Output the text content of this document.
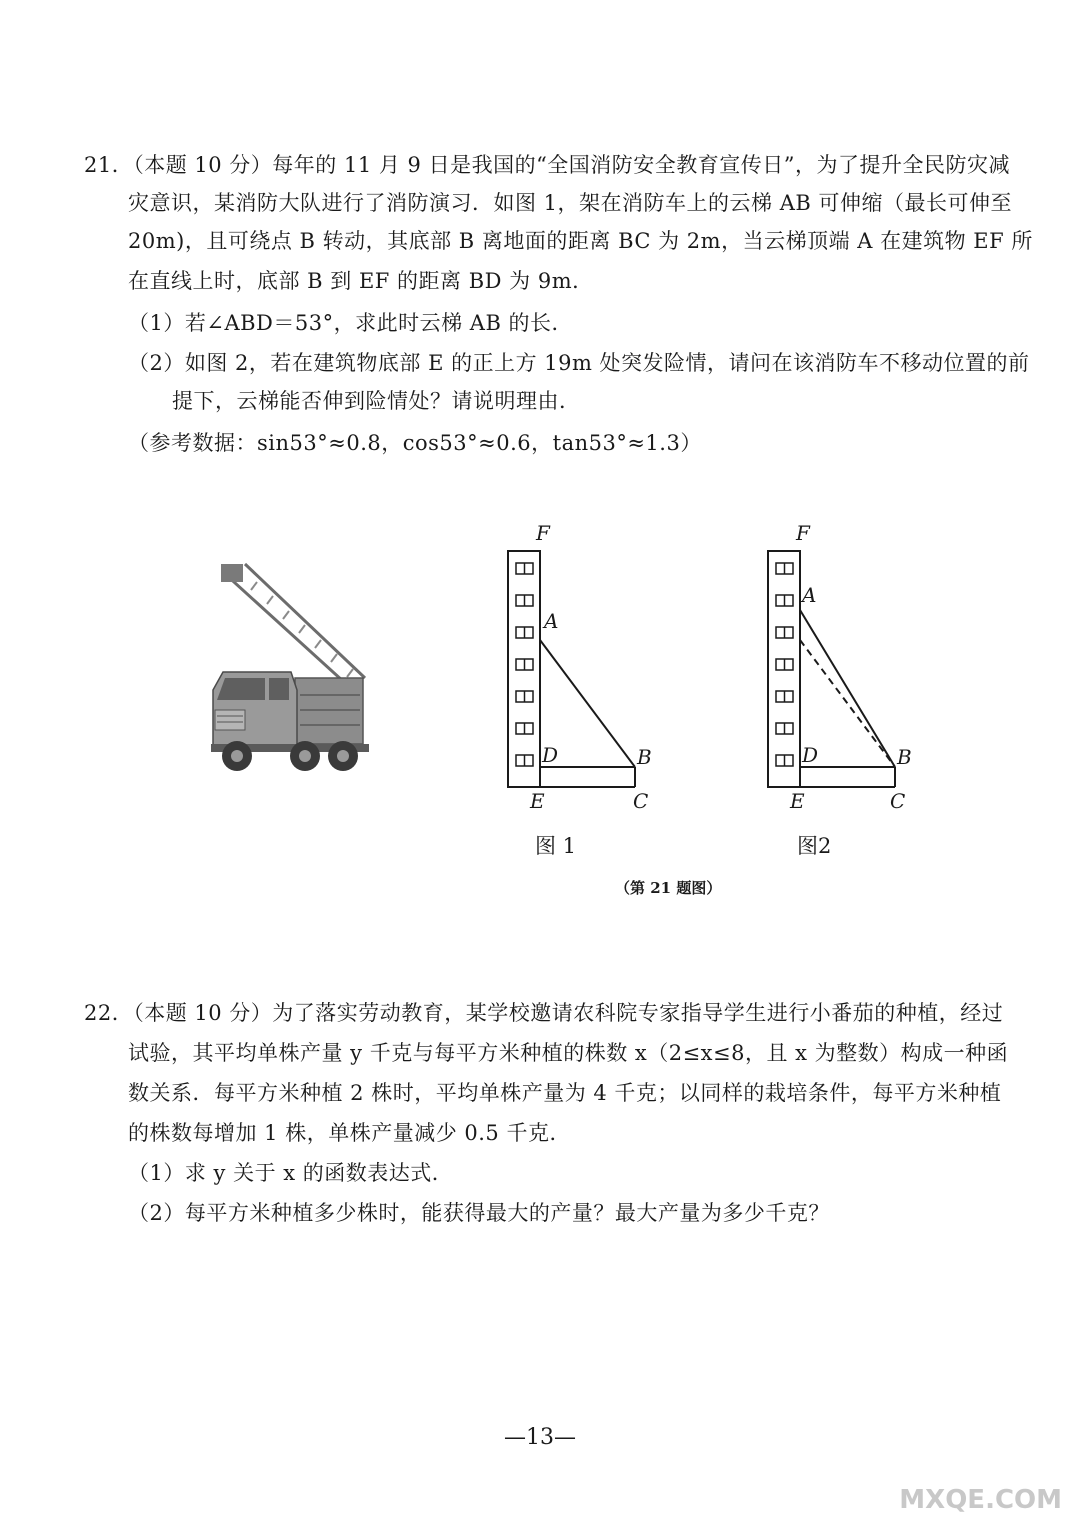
21．（本题 10 分）每年的 11 月 9 日是我国的“全国消防安全教育宣传日”，为了提升全民防灾减
灾意识，某消防大队进行了消防演习．如图 1，架在消防车上的云梯 AB 可伸缩（最长可伸至
20m)，且可绕点 B 转动，其底部 B 离地面的距离 BC 为 2m，当云梯顶端 A 在建筑物 EF 所
在直线上时，底部 B 到 EF 的距离 BD 为 9m．
（1）若∠ABD＝53°，求此时云梯 AB 的长．
（2）如图 2，若在建筑物底部 E 的正上方 19m 处突发险情，请问在该消防车不移动位置的前
提下，云梯能否伸到险情处？请说明理由．
（参考数据：sin53°≈0.8，cos53°≈0.6，tan53°≈1.3）
F
A
D	B
E	C
F
A
D	B
E	C
图 1	图2
（第 21 题图）
22．（本题 10 分）为了落实劳动教育，某学校邀请农科院专家指导学生进行小番茄的种植，经过
试验，其平均单株产量 y 千克与每平方米种植的株数 x（2≤x≤8，且 x 为整数）构成一种函
数关系．每平方米种植 2 株时，平均单株产量为 4 千克；以同样的栽培条件，每平方米种植
的株数每增加 1 株，单株产量减少 0.5 千克．
（1）求 y 关于 x 的函数表达式．
（2）每平方米种植多少株时，能获得最大的产量？最大产量为多少千克？
—13—
MXQE.COM
